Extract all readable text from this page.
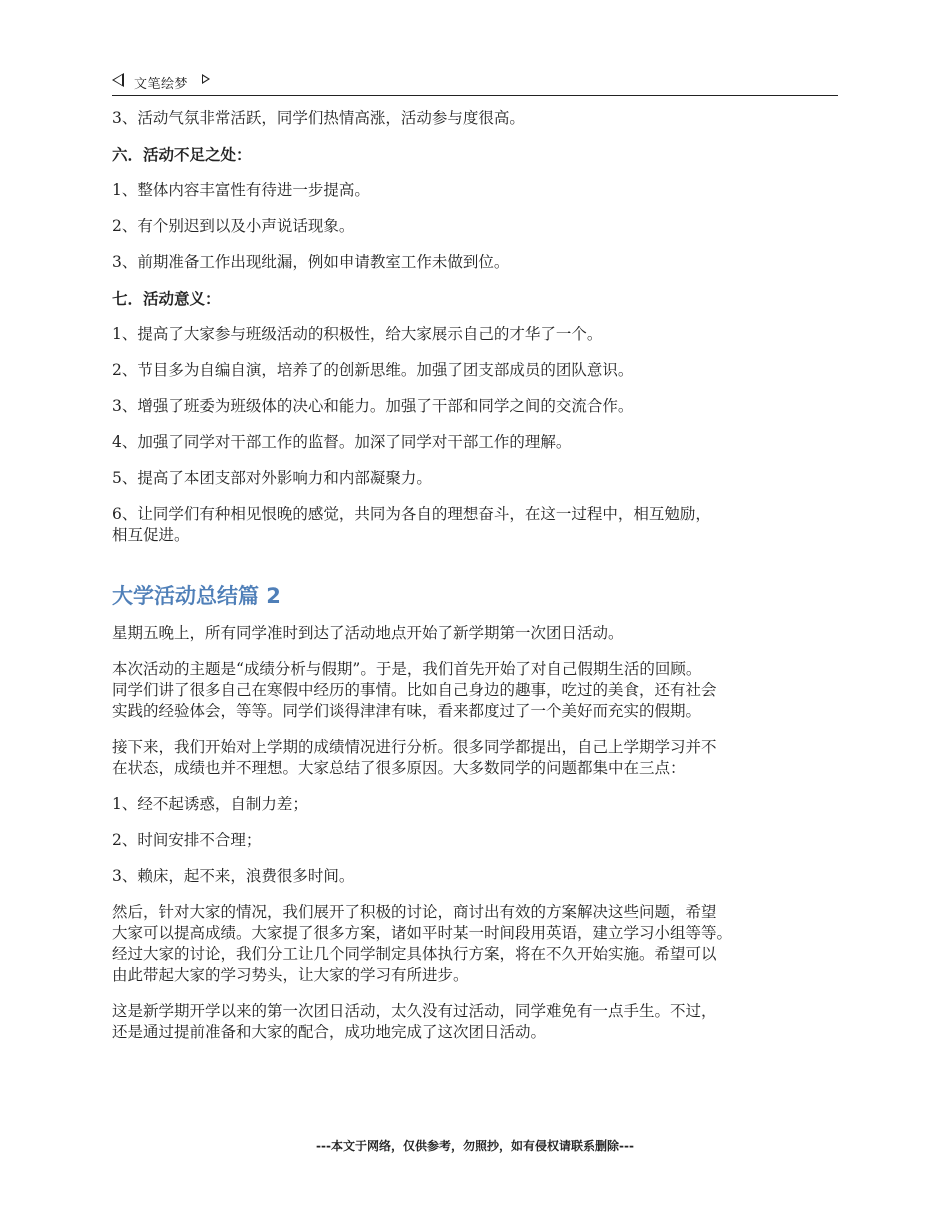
文笔绘梦

3、活动气氛非常活跃，同学们热情高涨，活动参与度很高。

六．活动不足之处：

1、整体内容丰富性有待进一步提高。

2、有个别迟到以及小声说话现象。

3、前期准备工作出现纰漏，例如申请教室工作未做到位。

七．活动意义：

1、提高了大家参与班级活动的积极性，给大家展示自己的才华了一个。

2、节目多为自编自演，培养了的创新思维。加强了团支部成员的团队意识。

3、增强了班委为班级体的决心和能力。加强了干部和同学之间的交流合作。

4、加强了同学对干部工作的监督。加深了同学对干部工作的理解。

5、提高了本团支部对外影响力和内部凝聚力。

6、让同学们有种相见恨晚的感觉，共同为各自的理想奋斗，在这一过程中，相互勉励，
相互促进。

大学活动总结篇 2

星期五晚上，所有同学准时到达了活动地点开始了新学期第一次团日活动。

本次活动的主题是“成绩分析与假期”。于是，我们首先开始了对自己假期生活的回顾。
同学们讲了很多自己在寒假中经历的事情。比如自己身边的趣事，吃过的美食，还有社会
实践的经验体会，等等。同学们谈得津津有味，看来都度过了一个美好而充实的假期。

接下来，我们开始对上学期的成绩情况进行分析。很多同学都提出，自己上学期学习并不
在状态，成绩也并不理想。大家总结了很多原因。大多数同学的问题都集中在三点：

1、经不起诱惑，自制力差；

2、时间安排不合理；

3、赖床，起不来，浪费很多时间。

然后，针对大家的情况，我们展开了积极的讨论，商讨出有效的方案解决这些问题，希望
大家可以提高成绩。大家提了很多方案，诸如平时某一时间段用英语，建立学习小组等等。
经过大家的讨论，我们分工让几个同学制定具体执行方案，将在不久开始实施。希望可以
由此带起大家的学习势头，让大家的学习有所进步。

这是新学期开学以来的第一次团日活动，太久没有过活动，同学难免有一点手生。不过，
还是通过提前准备和大家的配合，成功地完成了这次团日活动。

---本文于网络，仅供参考，勿照抄，如有侵权请联系删除---
